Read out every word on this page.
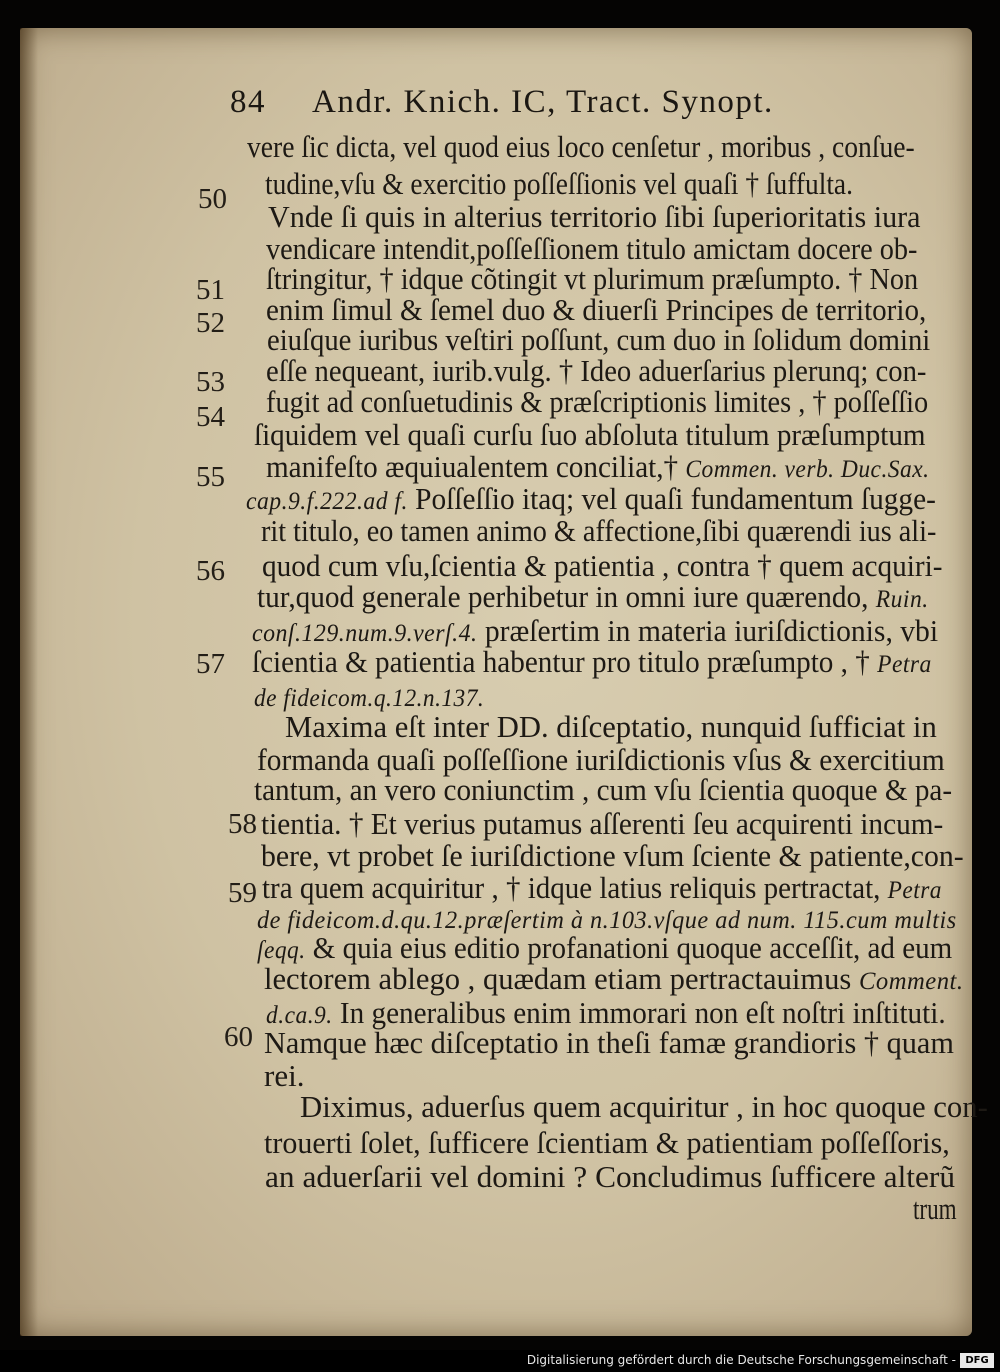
84 Andr. Knich. IC, Tract. Synopt.
vere ſic dicta, vel quod eius loco cenſetur , moribus , conſue-
tudine,vſu & exercitio poſſeſſionis vel quaſi † ſuffulta.
50 Vnde ſi quis in alterius territorio ſibi ſuperioritatis iura
vendicare intendit,poſſeſſionem titulo amictam docere ob-
ſtringitur, † idque cõtingit vt plurimum præſumpto. † Non
51
enim ſimul & ſemel duo & diuerſi Principes de territorio,
52 eiuſque iuribus veſtiri poſſunt, cum duo in ſolidum domini
eſſe nequeant, iurib.vulg. † Ideo aduerſarius plerunq; con-
53
fugit ad conſuetudinis & præſcriptionis limites , † poſſeſſio
54 ſiquidem vel quaſi curſu ſuo abſoluta titulum præſumptum
manifeſto æquiualentem conciliat,† Commen. verb. Duc.Sax.
55
cap.9.f.222.ad f. Poſſeſſio itaq; vel quaſi fundamentum ſugge-
rit titulo, eo tamen animo & affectione,ſibi quærendi ius ali-
quod cum vſu,ſcientia & patientia , contra † quem acquiri-
56
tur,quod generale perhibetur in omni iure quærendo, Ruin.
conſ.129.num.9.verſ.4. præſertim in materia iuriſdictionis, vbi
ſcientia & patientia habentur pro titulo præſumpto , † Petra
57
de fideicom.q.12.n.137.
Maxima eſt inter DD. diſceptatio, nunquid ſufficiat in
formanda quaſi poſſeſſione iuriſdictionis vſus & exercitium
tantum, an vero coniunctim , cum vſu ſcientia quoque & pa-
tientia. † Et verius putamus aſſerenti ſeu acquirenti incum-
58
bere, vt probet ſe iuriſdictione vſum ſciente & patiente,con-
tra quem acquiritur , † idque latius reliquis pertractat, Petra
59
de fideicom.d.qu.12.præſertim à n.103.vſque ad num. 115.cum multis
ſeqq. & quia eius editio profanationi quoque acceſſit, ad eum
lectorem ablego , quædam etiam pertractauimus Comment.
d.ca.9. In generalibus enim immorari non eſt noſtri inſtituti.
Namque hæc diſceptatio in theſi famæ grandioris † quam
60
rei.
Diximus, aduerſus quem acquiritur , in hoc quoque con-
trouerti ſolet, ſufficere ſcientiam & patientiam poſſeſſoris,
an aduerſarii vel domini ? Concludimus ſufficere alterũ
trum
Digitalisierung gefördert durch die Deutsche Forschungsgemeinschaft - DFG
